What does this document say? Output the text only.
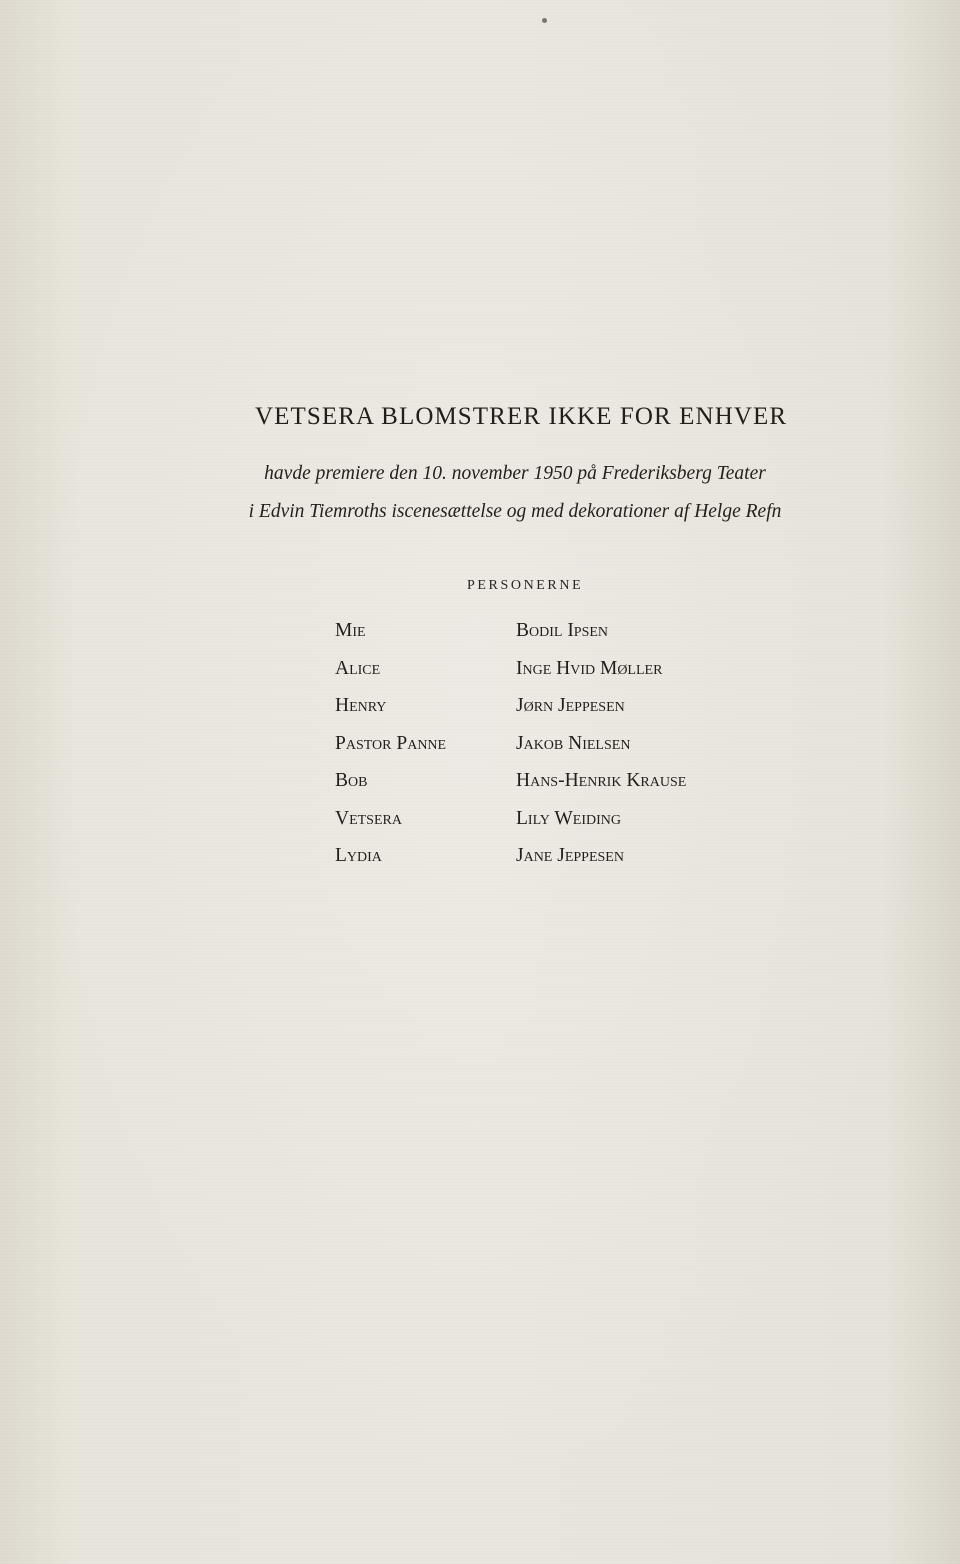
VETSERA BLOMSTRER IKKE FOR ENHVER
havde premiere den 10. november 1950 på Frederiksberg Teater
i Edvin Tiemroths iscenesættelse og med dekorationer af Helge Refn
PERSONERNE
Mie	Bodil Ipsen
Alice	Inge Hvid Møller
Henry	Jørn Jeppesen
Pastor Panne	Jakob Nielsen
Bob	Hans-Henrik Krause
Vetsera	Lily Weiding
Lydia	Jane Jeppesen
